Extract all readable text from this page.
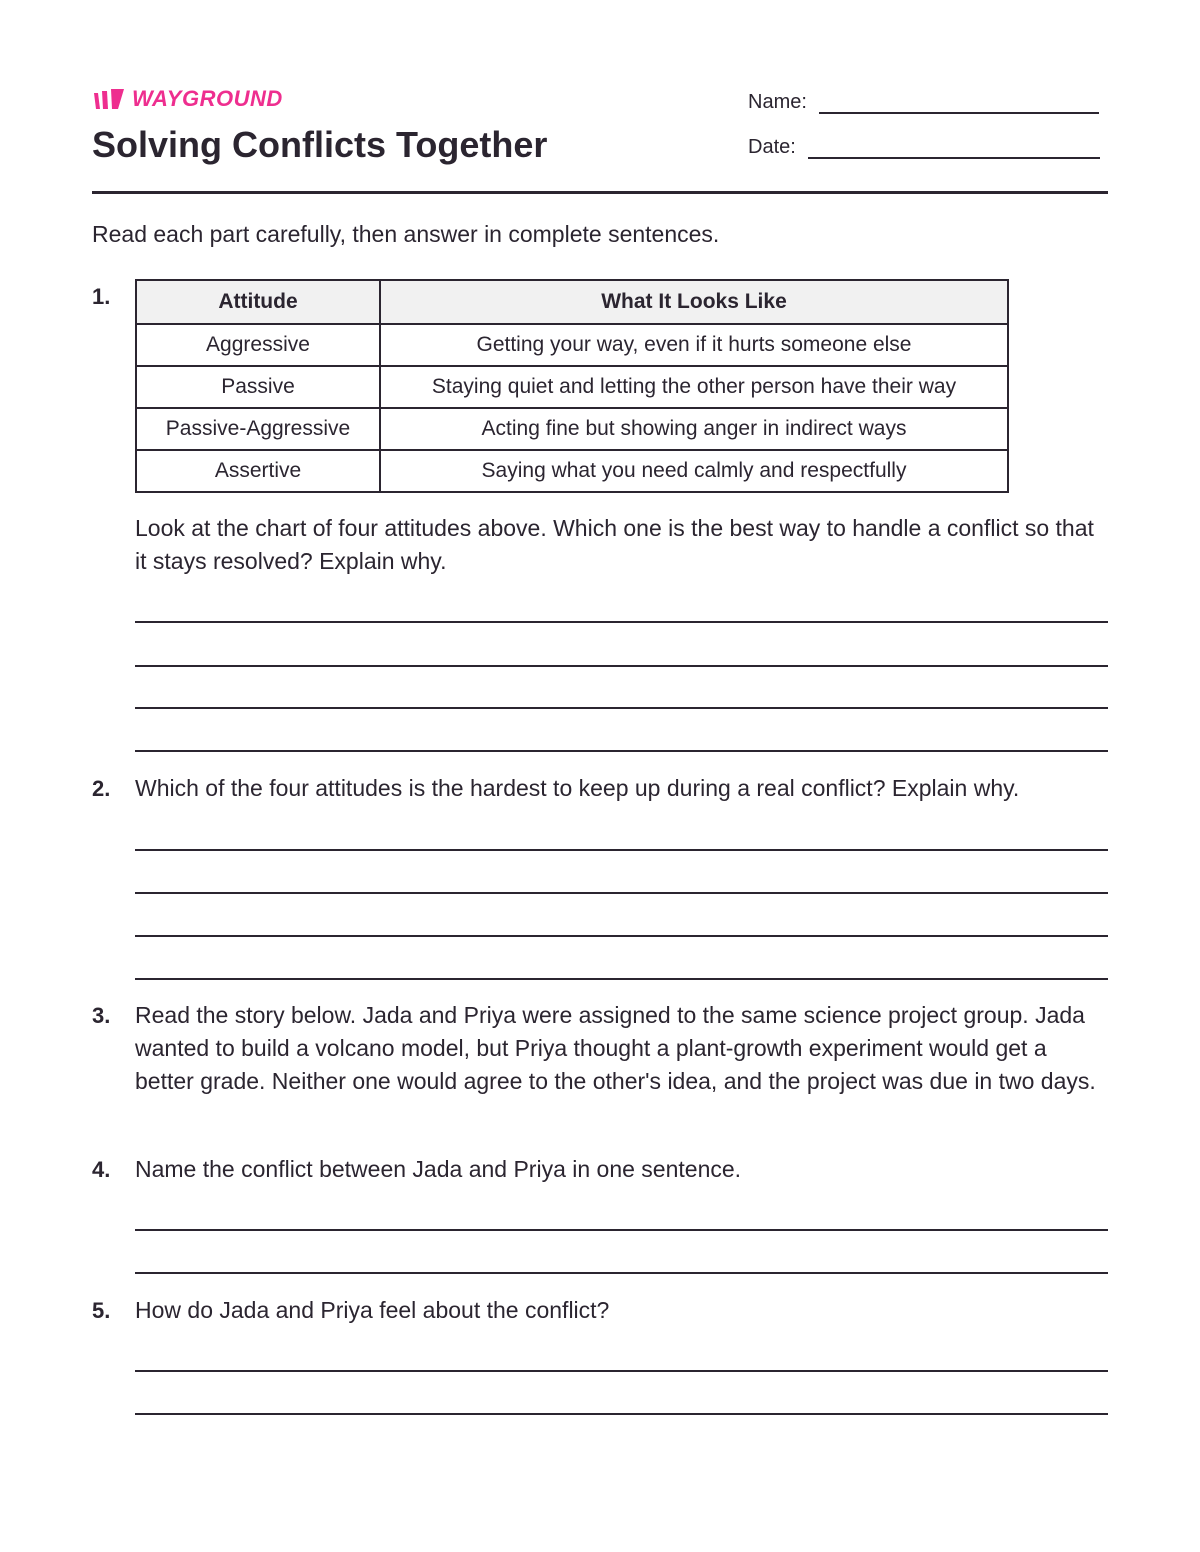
WAYGROUND
Solving Conflicts Together
Name:
Date:
Read each part carefully, then answer in complete sentences.
1.	Attitude	What It Looks Like
Aggressive	Getting your way, even if it hurts someone else
Passive	Staying quiet and letting the other person have their way
Passive-Aggressive	Acting fine but showing anger in indirect ways
Assertive	Saying what you need calmly and respectfully
Look at the chart of four attitudes above. Which one is the best way to handle a conflict so that it stays resolved? Explain why.
2. Which of the four attitudes is the hardest to keep up during a real conflict? Explain why.
3. Read the story below. Jada and Priya were assigned to the same science project group. Jada wanted to build a volcano model, but Priya thought a plant-growth experiment would get a better grade. Neither one would agree to the other's idea, and the project was due in two days.
4. Name the conflict between Jada and Priya in one sentence.
5. How do Jada and Priya feel about the conflict?
